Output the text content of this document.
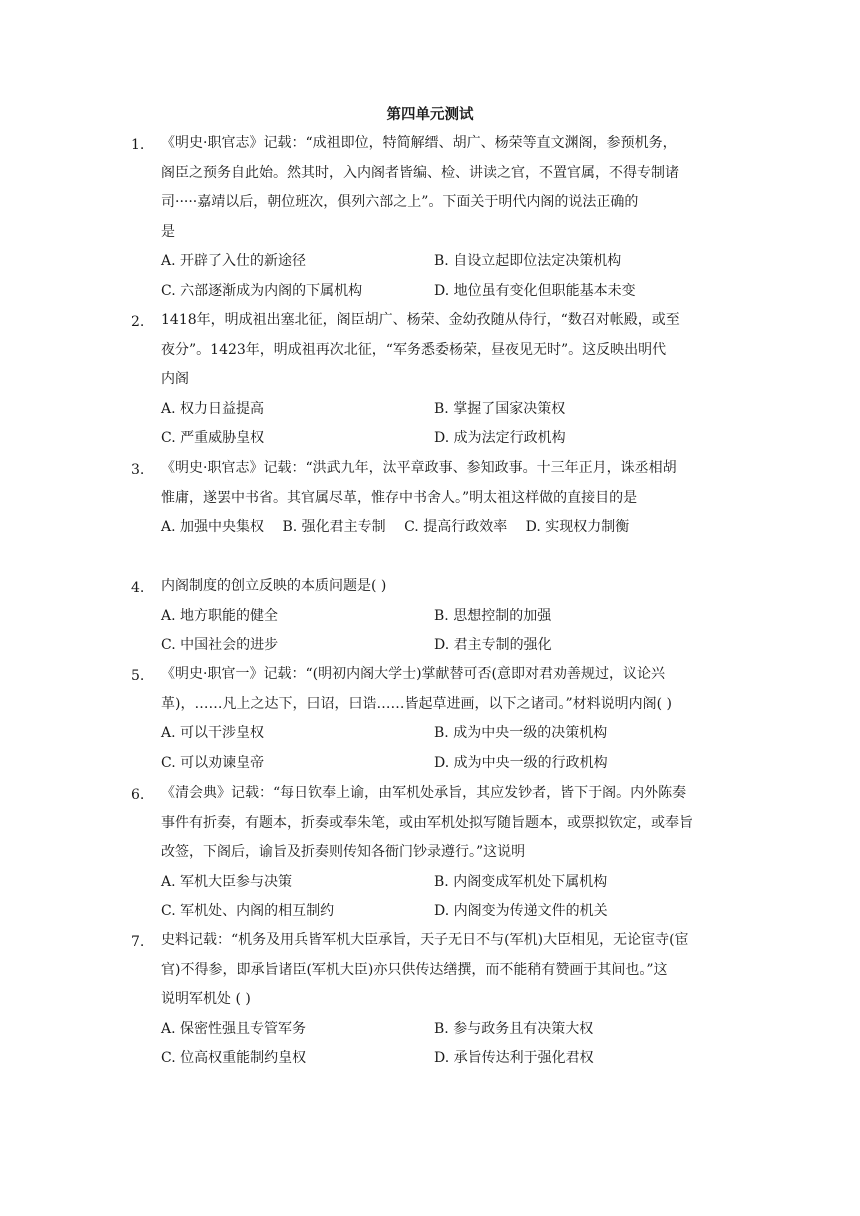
第四单元测试
1. 《明史·职官志》记载：“成祖即位，特简解缙、胡广、杨荣等直文渊阁，参预机务，
阁臣之预务自此始。然其时，入内阁者皆编、检、讲读之官，不置官属，不得专制诸
司·····嘉靖以后，朝位班次，俱列六部之上”。下面关于明代内阁的说法正确的
是
A. 开辟了入仕的新途径	B. 自设立起即位法定决策机构
C. 六部逐渐成为内阁的下属机构	D. 地位虽有变化但职能基本未变
2. 1418年，明成祖出塞北征，阁臣胡广、杨荣、金幼孜随从侍行，“数召对帐殿，或至
夜分”。1423年，明成祖再次北征，“军务悉委杨荣，昼夜见无时”。这反映出明代
内阁
A. 权力日益提高	B. 掌握了国家决策权
C. 严重威胁皇权	D. 成为法定行政机构
3. 《明史·职官志》记载：“洪武九年，汰平章政事、参知政事。十三年正月，诛丞相胡
惟庸，遂罢中书省。其官属尽革，惟存中书舍人。”明太祖这样做的直接目的是
A. 加强中央集权　 B. 强化君主专制　 C. 提高行政效率　 D. 实现权力制衡
4. 内阁制度的创立反映的本质问题是( )
A. 地方职能的健全	B. 思想控制的加强
C. 中国社会的进步	D. 君主专制的强化
5. 《明史·职官一》记载：“(明初内阁大学士)掌献替可否(意即对君劝善规过，议论兴
革)，……凡上之达下，曰诏，曰诰……皆起草进画，以下之诸司。”材料说明内阁( )
A. 可以干涉皇权	B. 成为中央一级的决策机构
C. 可以劝谏皇帝	D. 成为中央一级的行政机构
6. 《清会典》记载：“每日钦奉上谕，由军机处承旨，其应发钞者，皆下于阁。内外陈奏
事件有折奏，有题本，折奏或奉朱笔，或由军机处拟写随旨题本，或票拟钦定，或奉旨
改签，下阁后，谕旨及折奏则传知各衙门钞录遵行。”这说明
A. 军机大臣参与决策	B. 内阁变成军机处下属机构
C. 军机处、内阁的相互制约	D. 内阁变为传递文件的机关
7. 史料记载：“机务及用兵皆军机大臣承旨，天子无日不与(军机)大臣相见，无论宦寺(宦
官)不得参，即承旨诸臣(军机大臣)亦只供传达缮撰，而不能稍有赞画于其间也。”这
说明军机处 ( )
A. 保密性强且专管军务	B. 参与政务且有决策大权
C. 位高权重能制约皇权	D. 承旨传达利于强化君权
